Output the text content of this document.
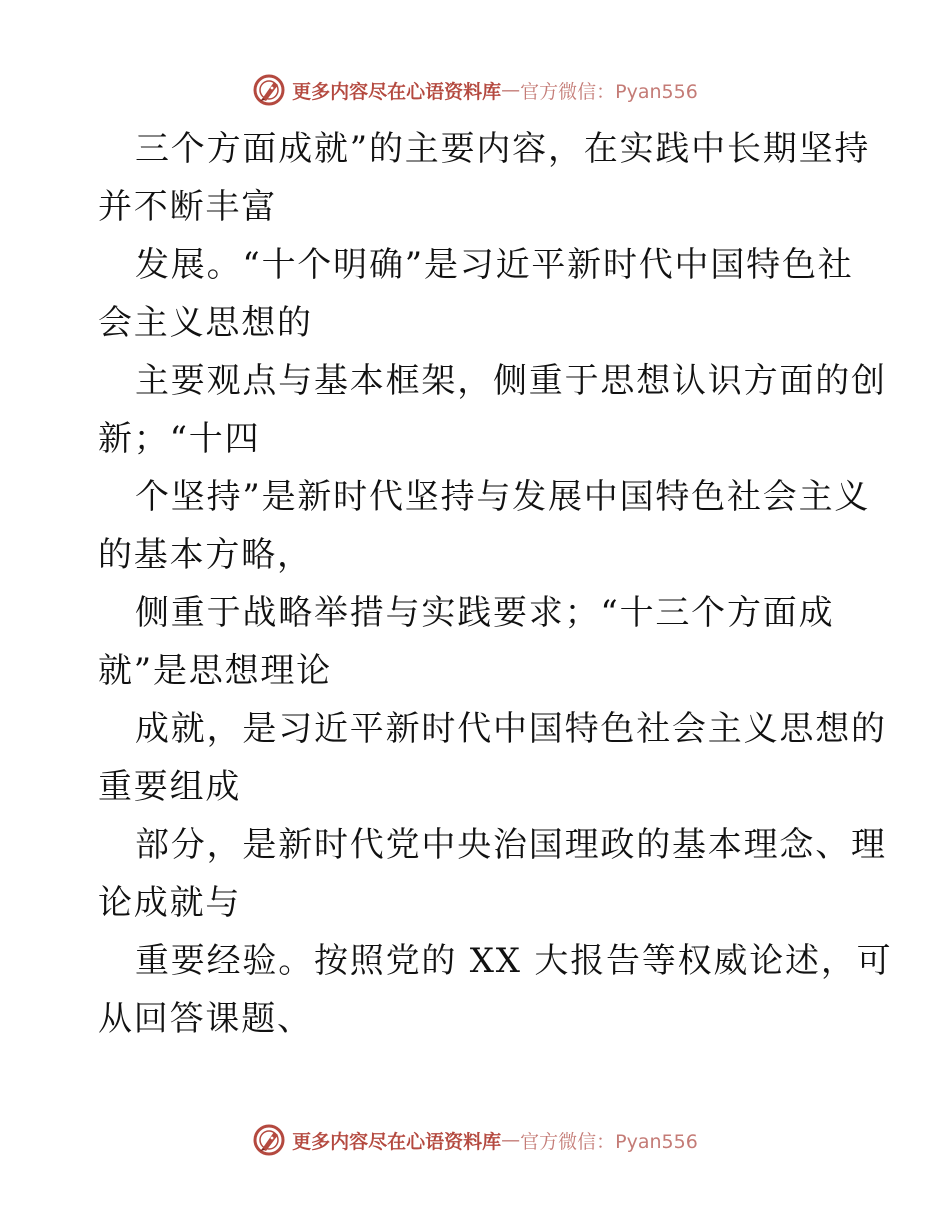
更多内容尽在心语资料库 — 官方微信：Pyan556
三个方面成就”的主要内容，在实践中长期坚持
并不断丰富
发展。“十个明确”是习近平新时代中国特色社
会主义思想的
主要观点与基本框架，侧重于思想认识方面的创
新；“十四
个坚持”是新时代坚持与发展中国特色社会主义
的基本方略，
侧重于战略举措与实践要求；“十三个方面成
就”是思想理论
成就，是习近平新时代中国特色社会主义思想的
重要组成
部分，是新时代党中央治国理政的基本理念、理
论成就与
重要经验。按照党的 XX 大报告等权威论述，可
从回答课题、
更多内容尽在心语资料库 — 官方微信：Pyan556
